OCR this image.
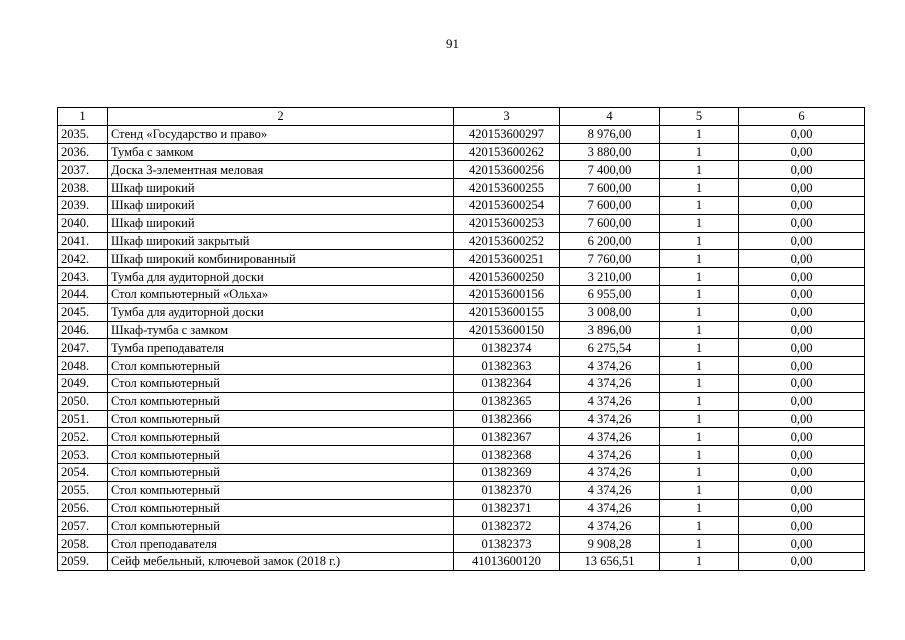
91
1	2	3	4	5	6
2035.	Стенд «Государство и право»	420153600297	8 976,00	1	0,00
2036.	Тумба с замком	420153600262	3 880,00	1	0,00
2037.	Доска 3-элементная меловая	420153600256	7 400,00	1	0,00
2038.	Шкаф широкий	420153600255	7 600,00	1	0,00
2039.	Шкаф широкий	420153600254	7 600,00	1	0,00
2040.	Шкаф широкий	420153600253	7 600,00	1	0,00
2041.	Шкаф широкий закрытый	420153600252	6 200,00	1	0,00
2042.	Шкаф широкий комбинированный	420153600251	7 760,00	1	0,00
2043.	Тумба для аудиторной доски	420153600250	3 210,00	1	0,00
2044.	Стол компьютерный «Ольха»	420153600156	6 955,00	1	0,00
2045.	Тумба для аудиторной доски	420153600155	3 008,00	1	0,00
2046.	Шкаф-тумба с замком	420153600150	3 896,00	1	0,00
2047.	Тумба преподавателя	01382374	6 275,54	1	0,00
2048.	Стол компьютерный	01382363	4 374,26	1	0,00
2049.	Стол компьютерный	01382364	4 374,26	1	0,00
2050.	Стол компьютерный	01382365	4 374,26	1	0,00
2051.	Стол компьютерный	01382366	4 374,26	1	0,00
2052.	Стол компьютерный	01382367	4 374,26	1	0,00
2053.	Стол компьютерный	01382368	4 374,26	1	0,00
2054.	Стол компьютерный	01382369	4 374,26	1	0,00
2055.	Стол компьютерный	01382370	4 374,26	1	0,00
2056.	Стол компьютерный	01382371	4 374,26	1	0,00
2057.	Стол компьютерный	01382372	4 374,26	1	0,00
2058.	Стол преподавателя	01382373	9 908,28	1	0,00
2059.	Сейф мебельный, ключевой замок (2018 г.)	41013600120	13 656,51	1	0,00
